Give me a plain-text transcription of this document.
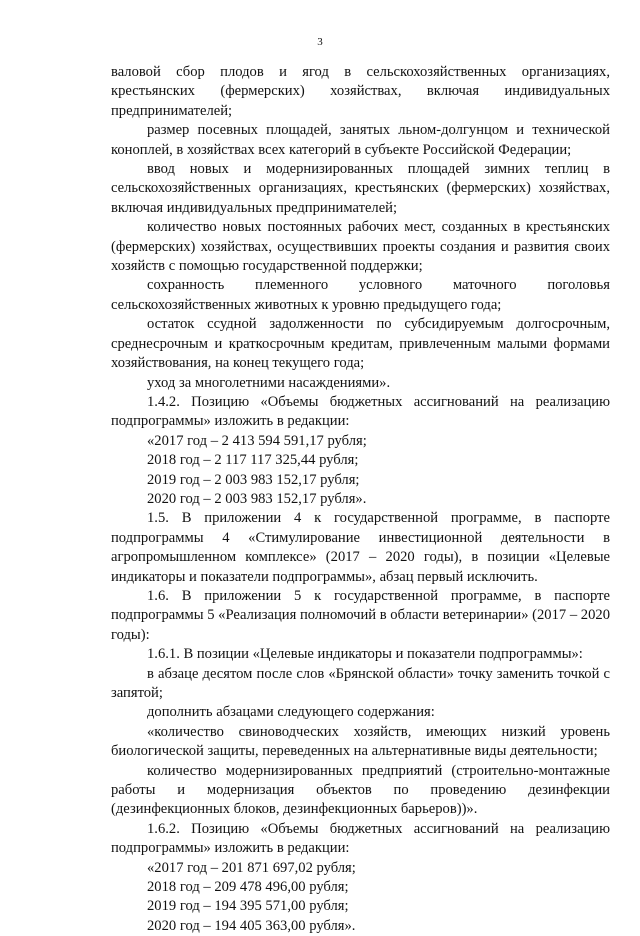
3

валовой сбор плодов и ягод в сельскохозяйственных организациях, крестьянских (фермерских) хозяйствах, включая индивидуальных предпринимателей;

размер посевных площадей, занятых льном-долгунцом и технической коноплей, в хозяйствах всех категорий в субъекте Российской Федерации;

ввод новых и модернизированных площадей зимних теплиц в сельскохозяйственных организациях, крестьянских (фермерских) хозяйствах, включая индивидуальных предпринимателей;

количество новых постоянных рабочих мест, созданных в крестьянских (фермерских) хозяйствах, осуществивших проекты создания и развития своих хозяйств с помощью государственной поддержки;

сохранность племенного условного маточного поголовья сельскохозяйственных животных к уровню предыдущего года;

остаток ссудной задолженности по субсидируемым долгосрочным, среднесрочным и краткосрочным кредитам, привлеченным малыми формами хозяйствования, на конец текущего года;

уход за многолетними насаждениями».

1.4.2. Позицию «Объемы бюджетных ассигнований на реализацию подпрограммы» изложить в редакции:

«2017 год – 2 413 594 591,17 рубля;

2018 год – 2 117 117 325,44 рубля;

2019 год – 2 003 983 152,17 рубля;

2020 год – 2 003 983 152,17 рубля».

1.5. В приложении 4 к государственной программе, в паспорте подпрограммы 4 «Стимулирование инвестиционной деятельности в агропромышленном комплексе» (2017 – 2020 годы), в позиции «Целевые индикаторы и показатели подпрограммы», абзац первый исключить.

1.6. В приложении 5 к государственной программе, в паспорте подпрограммы 5 «Реализация полномочий в области ветеринарии» (2017 – 2020 годы):

1.6.1. В позиции «Целевые индикаторы и показатели подпрограммы»:

в абзаце десятом после слов «Брянской области» точку заменить точкой с запятой;

дополнить абзацами следующего содержания:

«количество свиноводческих хозяйств, имеющих низкий уровень биологической защиты, переведенных на альтернативные виды деятельности;

количество модернизированных предприятий (строительно-монтажные работы и модернизация объектов по проведению дезинфекции (дезинфекционных блоков, дезинфекционных барьеров))».

1.6.2. Позицию «Объемы бюджетных ассигнований на реализацию подпрограммы» изложить в редакции:

«2017 год – 201 871 697,02 рубля;

2018 год – 209 478 496,00 рубля;

2019 год – 194 395 571,00 рубля;

2020 год – 194 405 363,00 рубля».
